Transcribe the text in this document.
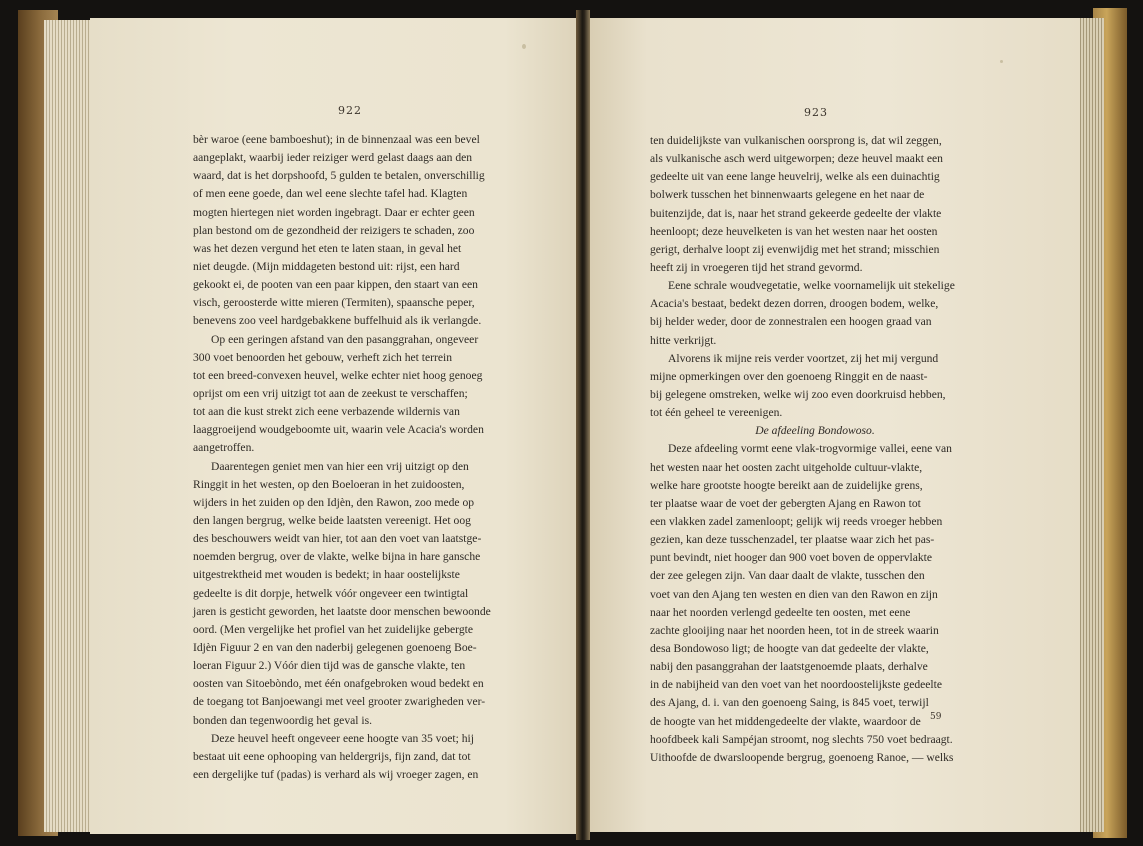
922	923

bèr waroe (eene bamboeshut); in de binnenzaal was een bevel

aangeplakt, waarbij ieder reiziger werd gelast daags aan den

waard, dat is het dorpshoofd, 5 gulden te betalen, onverschillig

of men eene goede, dan wel eene slechte tafel had. Klagten

mogten hiertegen niet worden ingebragt. Daar er echter geen

plan bestond om de gezondheid der reizigers te schaden, zoo

was het dezen vergund het eten te laten staan, in geval het

niet deugde. (Mijn middageten bestond uit: rijst, een hard

gekookt ei, de pooten van een paar kippen, den staart van een

visch, geroosterde witte mieren (Termiten), spaansche peper,

benevens zoo veel hardgebakkene buffelhuid als ik verlangde.

Op een geringen afstand van den pasanggrahan, ongeveer

300 voet benoorden het gebouw, verheft zich het terrein

tot een breed-convexen heuvel, welke echter niet hoog genoeg

oprijst om een vrij uitzigt tot aan de zeekust te verschaffen;

tot aan die kust strekt zich eene verbazende wildernis van

laaggroeijend woudgeboomte uit, waarin vele Acacia's worden

aangetroffen.

Daarentegen geniet men van hier een vrij uitzigt op den

Ringgit in het westen, op den Boeloeran in het zuidoosten,

wijders in het zuiden op den Idjèn, den Rawon, zoo mede op

den langen bergrug, welke beide laatsten vereenigt. Het oog

des beschouwers weidt van hier, tot aan den voet van laatstge-

noemden bergrug, over de vlakte, welke bijna in hare gansche

uitgestrektheid met wouden is bedekt; in haar oostelijkste

gedeelte is dit dorpje, hetwelk vóór ongeveer een twintigtal

jaren is gesticht geworden, het laatste door menschen bewoonde

oord. (Men vergelijke het profiel van het zuidelijke gebergte

Idjèn Figuur 2 en van den naderbij gelegenen goenoeng Boe-

loeran Figuur 2.) Vóór dien tijd was de gansche vlakte, ten

oosten van Sitoebòndo, met één onafgebroken woud bedekt en

de toegang tot Banjoewangi met veel grooter zwarigheden ver-

bonden dan tegenwoordig het geval is.

Deze heuvel heeft ongeveer eene hoogte van 35 voet; hij

bestaat uit eene ophooping van heldergrijs, fijn zand, dat tot

een dergelijke tuf (padas) is verhard als wij vroeger zagen, en

ten duidelijkste van vulkanischen oorsprong is, dat wil zeggen,

als vulkanische asch werd uitgeworpen; deze heuvel maakt een

gedeelte uit van eene lange heuvelrij, welke als een duinachtig

bolwerk tusschen het binnenwaarts gelegene en het naar de

buitenzijde, dat is, naar het strand gekeerde gedeelte der vlakte

heenloopt; deze heuvelketen is van het westen naar het oosten

gerigt, derhalve loopt zij evenwijdig met het strand; misschien

heeft zij in vroegeren tijd het strand gevormd.

Eene schrale woudvegetatie, welke voornamelijk uit stekelige

Acacia's bestaat, bedekt dezen dorren, droogen bodem, welke,

bij helder weder, door de zonnestralen een hoogen graad van

hitte verkrijgt.

Alvorens ik mijne reis verder voortzet, zij het mij vergund

mijne opmerkingen over den goenoeng Ringgit en de naast-

bij gelegene omstreken, welke wij zoo even doorkruisd hebben,

tot één geheel te vereenigen.

De afdeeling Bondowoso.

Deze afdeeling vormt eene vlak-trogvormige vallei, eene van

het westen naar het oosten zacht uitgeholde cultuur-vlakte,

welke hare grootste hoogte bereikt aan de zuidelijke grens,

ter plaatse waar de voet der gebergten Ajang en Rawon tot

een vlakken zadel zamenloopt; gelijk wij reeds vroeger hebben

gezien, kan deze tusschenzadel, ter plaatse waar zich het pas-

punt bevindt, niet hooger dan 900 voet boven de oppervlakte

der zee gelegen zijn. Van daar daalt de vlakte, tusschen den

voet van den Ajang ten westen en dien van den Rawon en zijn

naar het noorden verlengd gedeelte ten oosten, met eene

zachte glooijing naar het noorden heen, tot in de streek waarin

desa Bondowoso ligt; de hoogte van dat gedeelte der vlakte,

nabij den pasanggrahan der laatstgenoemde plaats, derhalve

in de nabijheid van den voet van het noordoostelijkste gedeelte

des Ajang, d. i. van den goenoeng Saing, is 845 voet, terwijl

de hoogte van het middengedeelte der vlakte, waardoor de

hoofdbeek kali Sampéjan stroomt, nog slechts 750 voet bedraagt.

Uithoofde de dwarsloopende bergrug, goenoeng Ranoe, — welks

59
